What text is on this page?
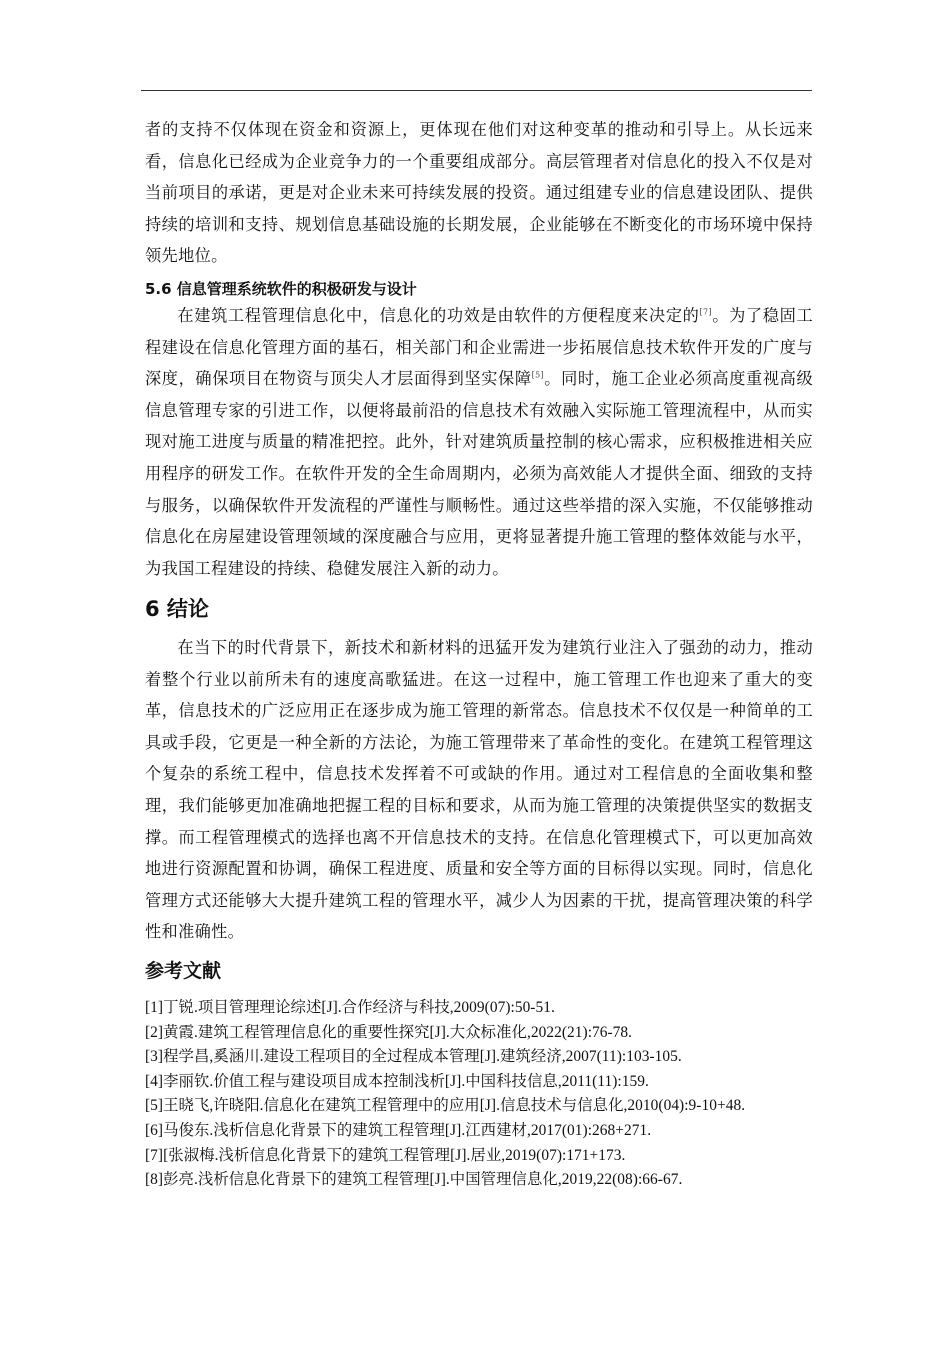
者的支持不仅体现在资金和资源上，更体现在他们对这种变革的推动和引导上。从长远来看，信息化已经成为企业竞争力的一个重要组成部分。高层管理者对信息化的投入不仅是对当前项目的承诺，更是对企业未来可持续发展的投资。通过组建专业的信息建设团队、提供持续的培训和支持、规划信息基础设施的长期发展，企业能够在不断变化的市场环境中保持领先地位。

5.6 信息管理系统软件的积极研发与设计

在建筑工程管理信息化中，信息化的功效是由软件的方便程度来决定的[7]。为了稳固工程建设在信息化管理方面的基石，相关部门和企业需进一步拓展信息技术软件开发的广度与深度，确保项目在物资与顶尖人才层面得到坚实保障[5]。同时，施工企业必须高度重视高级信息管理专家的引进工作，以便将最前沿的信息技术有效融入实际施工管理流程中，从而实现对施工进度与质量的精准把控。此外，针对建筑质量控制的核心需求，应积极推进相关应用程序的研发工作。在软件开发的全生命周期内，必须为高效能人才提供全面、细致的支持与服务，以确保软件开发流程的严谨性与顺畅性。通过这些举措的深入实施，不仅能够推动信息化在房屋建设管理领域的深度融合与应用，更将显著提升施工管理的整体效能与水平，为我国工程建设的持续、稳健发展注入新的动力。

6 结论

在当下的时代背景下，新技术和新材料的迅猛开发为建筑行业注入了强劲的动力，推动着整个行业以前所未有的速度高歌猛进。在这一过程中，施工管理工作也迎来了重大的变革，信息技术的广泛应用正在逐步成为施工管理的新常态。信息技术不仅仅是一种简单的工具或手段，它更是一种全新的方法论，为施工管理带来了革命性的变化。在建筑工程管理这个复杂的系统工程中，信息技术发挥着不可或缺的作用。通过对工程信息的全面收集和整理，我们能够更加准确地把握工程的目标和要求，从而为施工管理的决策提供坚实的数据支撑。而工程管理模式的选择也离不开信息技术的支持。在信息化管理模式下，可以更加高效地进行资源配置和协调，确保工程进度、质量和安全等方面的目标得以实现。同时，信息化管理方式还能够大大提升建筑工程的管理水平，减少人为因素的干扰，提高管理决策的科学性和准确性。

参考文献
[1]丁锐.项目管理理论综述[J].合作经济与科技,2009(07):50-51.
[2]黄霞.建筑工程管理信息化的重要性探究[J].大众标准化,2022(21):76-78.
[3]程学昌,奚涵川.建设工程项目的全过程成本管理[J].建筑经济,2007(11):103-105.
[4]李丽钦.价值工程与建设项目成本控制浅析[J].中国科技信息,2011(11):159.
[5]王晓飞,许晓阳.信息化在建筑工程管理中的应用[J].信息技术与信息化,2010(04):9-10+48.
[6]马俊东.浅析信息化背景下的建筑工程管理[J].江西建材,2017(01):268+271.
[7][张淑梅.浅析信息化背景下的建筑工程管理[J].居业,2019(07):171+173.
[8]彭亮.浅析信息化背景下的建筑工程管理[J].中国管理信息化,2019,22(08):66-67.
